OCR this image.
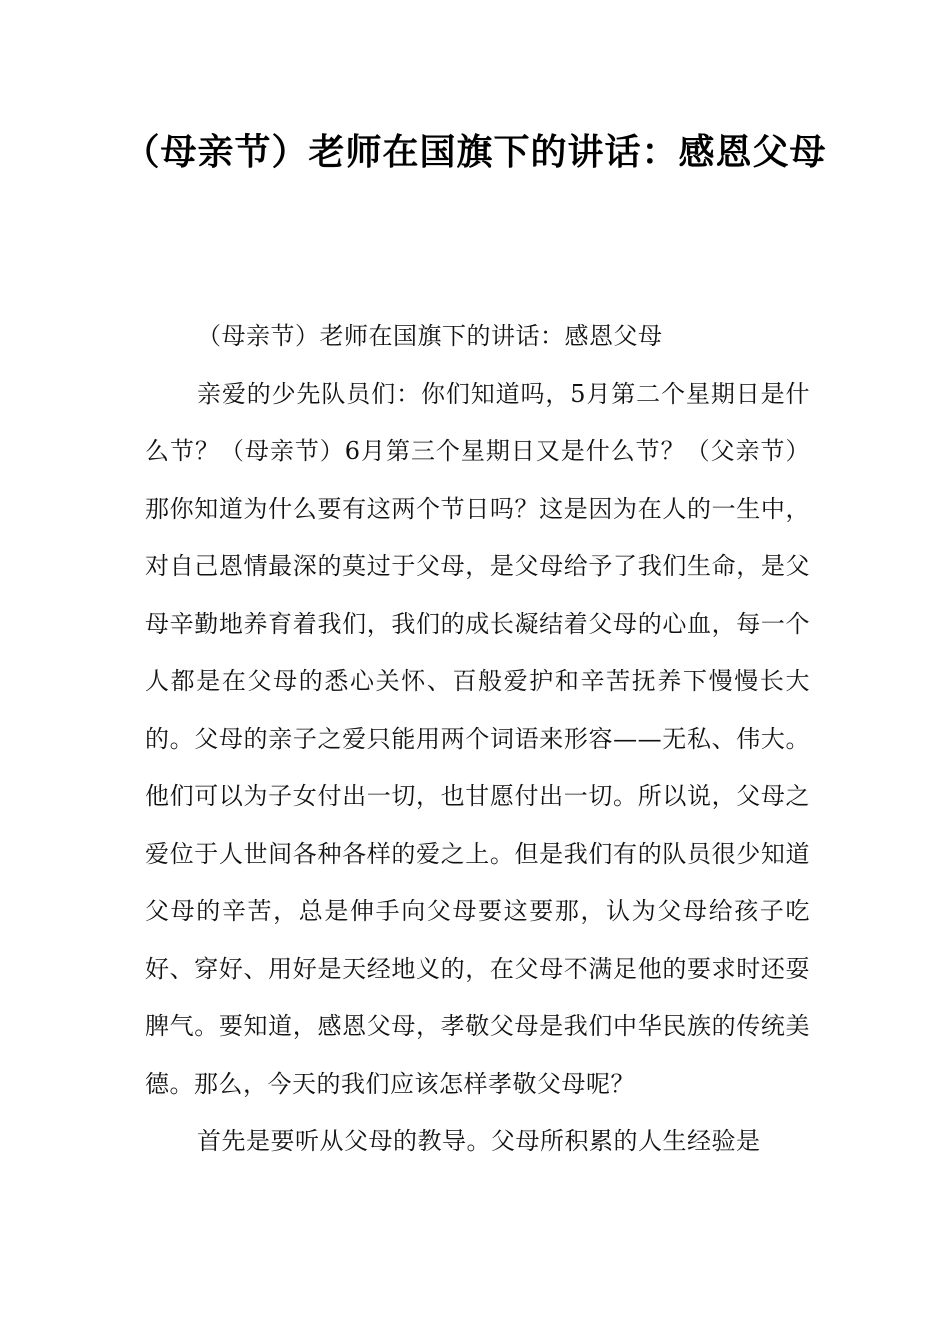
（母亲节）老师在国旗下的讲话：感恩父母

（母亲节）老师在国旗下的讲话：感恩父母

亲爱的少先队员们：你们知道吗，5月第二个星期日是什么节？（母亲节）6月第三个星期日又是什么节？（父亲节）那你知道为什么要有这两个节日吗？这是因为在人的一生中，对自己恩情最深的莫过于父母，是父母给予了我们生命，是父母辛勤地养育着我们，我们的成长凝结着父母的心血，每一个人都是在父母的悉心关怀、百般爱护和辛苦抚养下慢慢长大的。父母的亲子之爱只能用两个词语来形容——无私、伟大。他们可以为子女付出一切，也甘愿付出一切。所以说，父母之爱位于人世间各种各样的爱之上。但是我们有的队员很少知道父母的辛苦，总是伸手向父母要这要那，认为父母给孩子吃好、穿好、用好是天经地义的，在父母不满足他的要求时还耍脾气。要知道，感恩父母，孝敬父母是我们中华民族的传统美德。那么，今天的我们应该怎样孝敬父母呢？

首先是要听从父母的教导。父母所积累的人生经验是
